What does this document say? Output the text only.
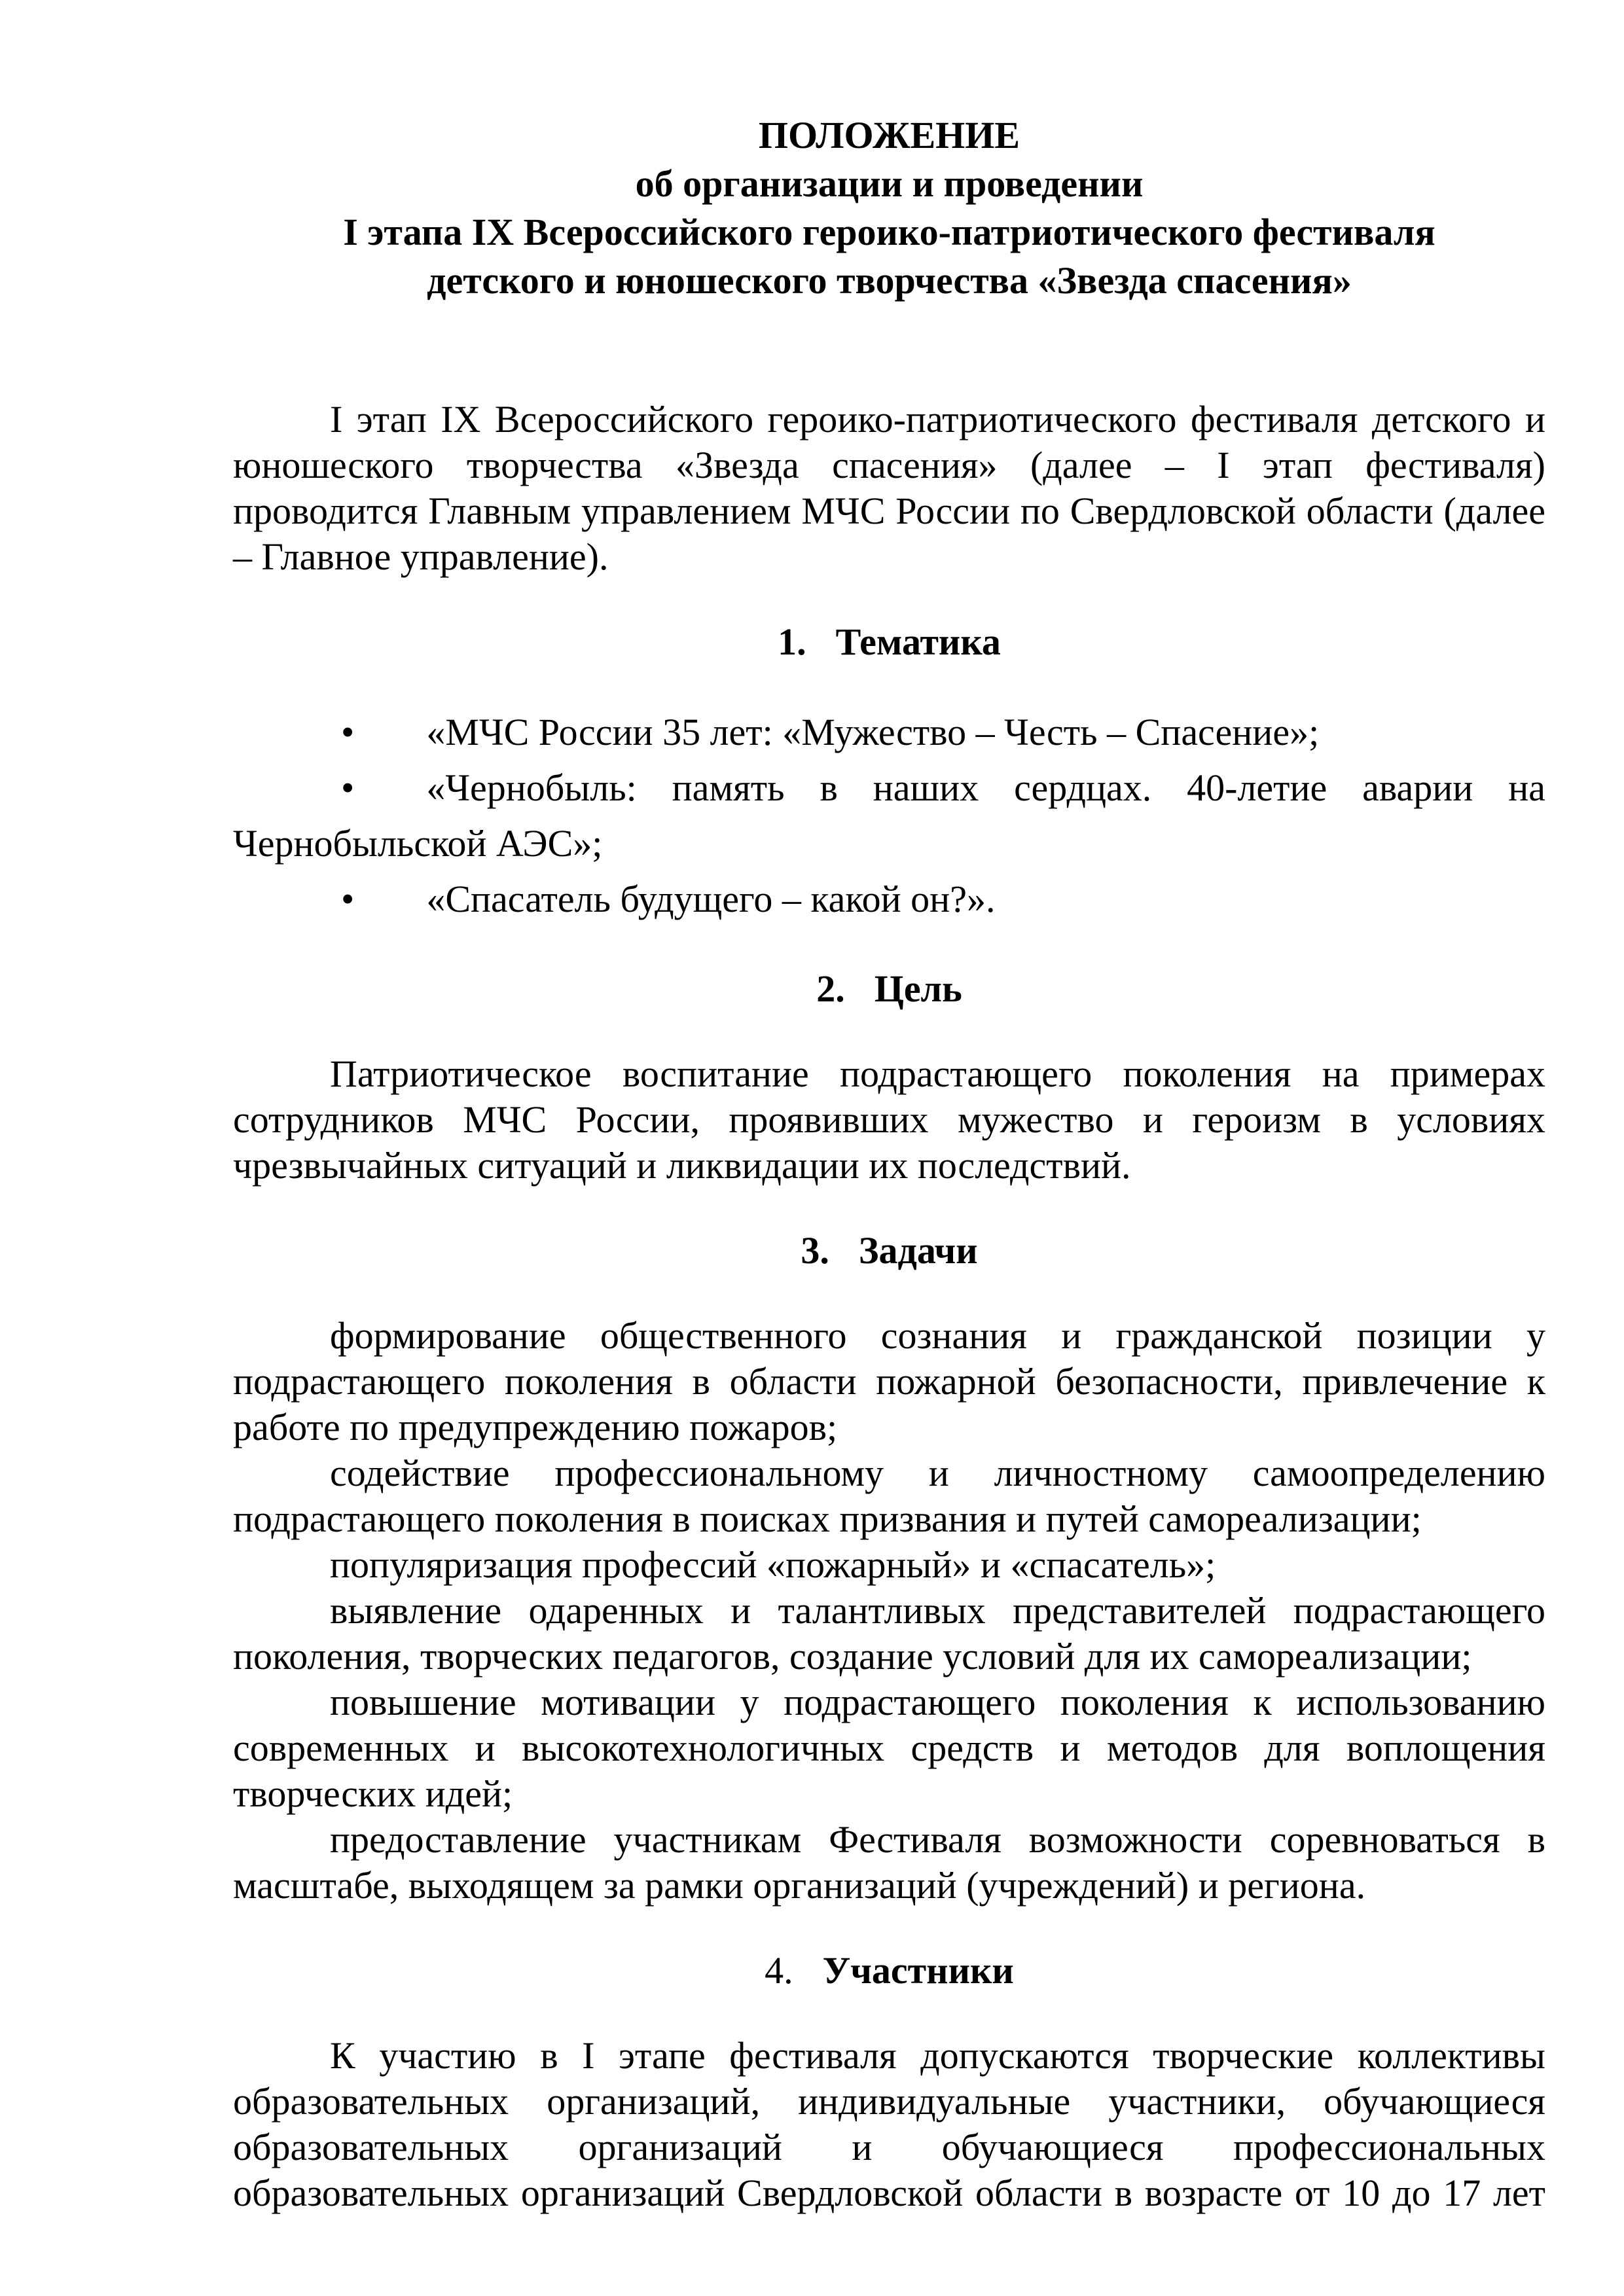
ПОЛОЖЕНИЕ
об организации и проведении
I этапа IX Всероссийского героико-патриотического фестиваля
детского и юношеского творчества «Звезда спасения»

I этап IX Всероссийского героико-патриотического фестиваля детского и юношеского творчества «Звезда спасения» (далее – I этап фестиваля) проводится Главным управлением МЧС России по Свердловской области (далее – Главное управление).

1. Тематика

• «МЧС России 35 лет: «Мужество – Честь – Спасение»;

• «Чернобыль: память в наших сердцах. 40-летие аварии на Чернобыльской АЭС»;

• «Спасатель будущего – какой он?».

2. Цель

Патриотическое воспитание подрастающего поколения на примерах сотрудников МЧС России, проявивших мужество и героизм в условиях чрезвычайных ситуаций и ликвидации их последствий.

3. Задачи

формирование общественного сознания и гражданской позиции у подрастающего поколения в области пожарной безопасности, привлечение к работе по предупреждению пожаров;

содействие профессиональному и личностному самоопределению подрастающего поколения в поисках призвания и путей самореализации;

популяризация профессий «пожарный» и «спасатель»;

выявление одаренных и талантливых представителей подрастающего поколения, творческих педагогов, создание условий для их самореализации;

повышение мотивации у подрастающего поколения к использованию современных и высокотехнологичных средств и методов для воплощения творческих идей;

предоставление участникам Фестиваля возможности соревноваться в масштабе, выходящем за рамки организаций (учреждений) и региона.

4. Участники

К участию в I этапе фестиваля допускаются творческие коллективы образовательных организаций, индивидуальные участники, обучающиеся образовательных организаций и обучающиеся профессиональных образовательных организаций Свердловской области в возрасте от 10 до 17 лет
